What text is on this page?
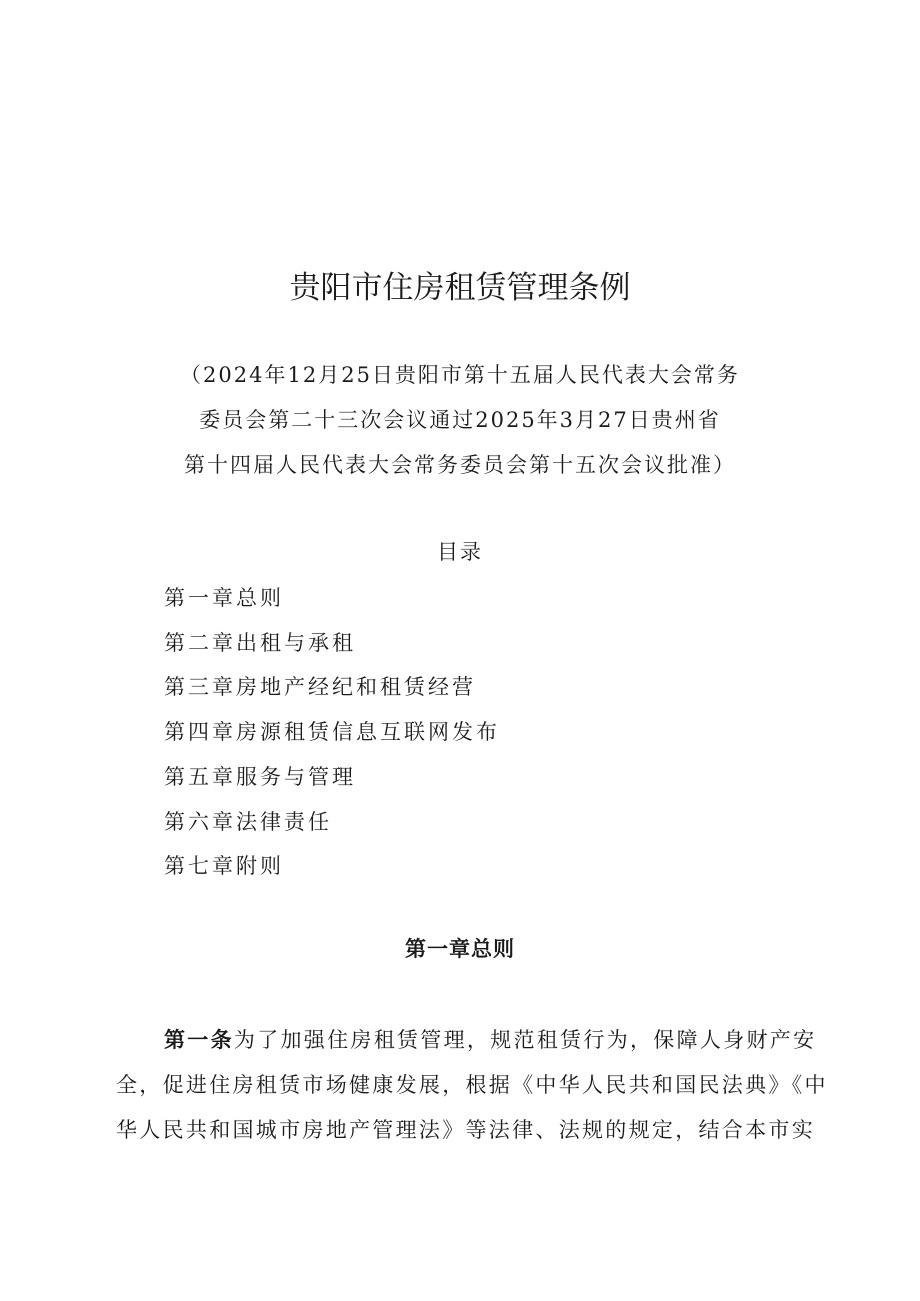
贵阳市住房租赁管理条例
（2024年12月25日贵阳市第十五届人民代表大会常务
委员会第二十三次会议通过2025年3月27日贵州省
第十四届人民代表大会常务委员会第十五次会议批准）
目录
第一章总则
第二章出租与承租
第三章房地产经纪和租赁经营
第四章房源租赁信息互联网发布
第五章服务与管理
第六章法律责任
第七章附则
第一章总则
第一条为了加强住房租赁管理，规范租赁行为，保障人身财产安
全，促进住房租赁市场健康发展，根据《中华人民共和国民法典》《中
华人民共和国城市房地产管理法》等法律、法规的规定，结合本市实
